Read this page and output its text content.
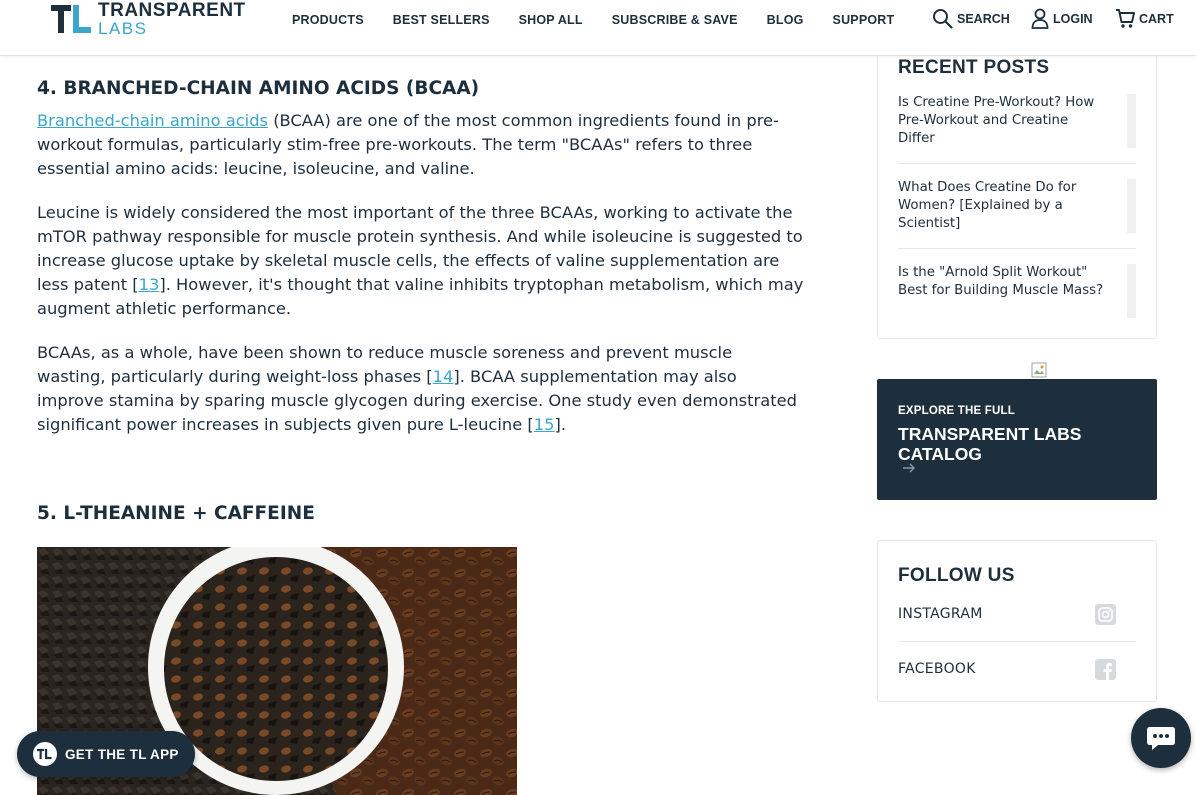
TRANSPARENT
LABS	PRODUCTS BEST SELLERS SHOP ALL SUBSCRIBE & SAVE BLOG SUPPORT	SEARCH	LOGIN	CART
4. BRANCHED-CHAIN AMINO ACIDS (BCAA)

Branched-chain amino acids (BCAA) are one of the most common ingredients found in pre-workout formulas, particularly stim-free pre-workouts. The term "BCAAs" refers to three essential amino acids: leucine, isoleucine, and valine.

Leucine is widely considered the most important of the three BCAAs, working to activate the mTOR pathway responsible for muscle protein synthesis. And while isoleucine is suggested to increase glucose uptake by skeletal muscle cells, the effects of valine supplementation are less patent [13]. However, it's thought that valine inhibits tryptophan metabolism, which may augment athletic performance.

BCAAs, as a whole, have been shown to reduce muscle soreness and prevent muscle wasting, particularly during weight-loss phases [14]. BCAA supplementation may also improve stamina by sparing muscle glycogen during exercise. One study even demonstrated significant power increases in subjects given pure L-leucine [15].

5. L-THEANINE + CAFFEINE
RECENT POSTS
Is Creatine Pre-Workout? How Pre-Workout and Creatine Differ
What Does Creatine Do for Women? [Explained by a Scientist]
Is the "Arnold Split Workout" Best for Building Muscle Mass?
EXPLORE THE FULL
TRANSPARENT LABS CATALOG
FOLLOW US
INSTAGRAM
FACEBOOK
GET THE TL APP
